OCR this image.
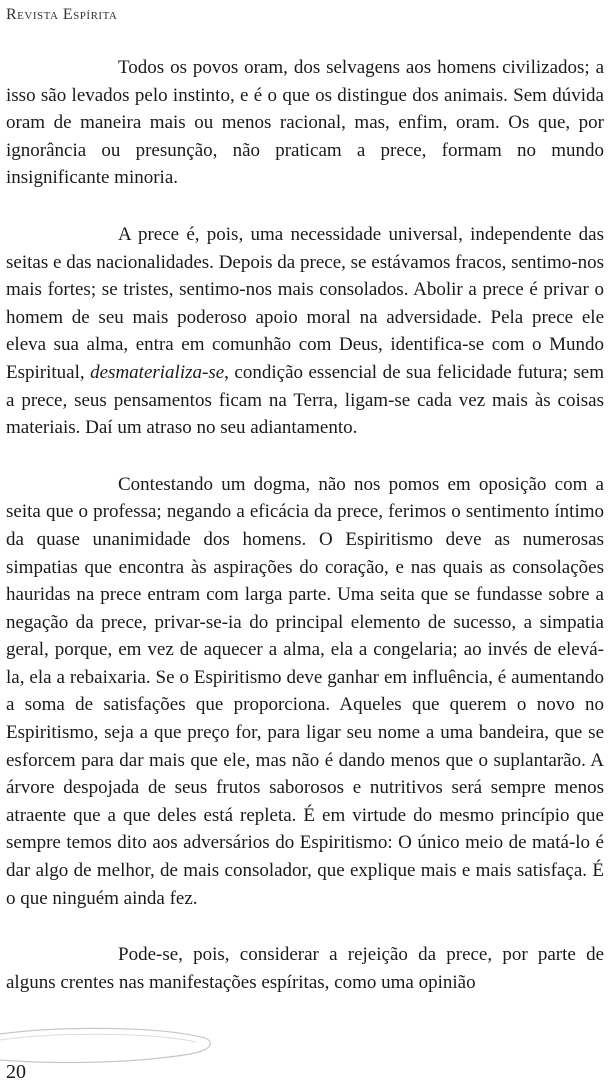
Revista Espírita

Todos os povos oram, dos selvagens aos homens civilizados; a isso são levados pelo instinto, e é o que os distingue dos animais. Sem dúvida oram de maneira mais ou menos racional, mas, enfim, oram. Os que, por ignorância ou presunção, não praticam a prece, formam no mundo insignificante minoria.

A prece é, pois, uma necessidade universal, independente das seitas e das nacionalidades. Depois da prece, se estávamos fracos, sentimo-nos mais fortes; se tristes, sentimo-nos mais consolados. Abolir a prece é privar o homem de seu mais poderoso apoio moral na adversidade. Pela prece ele eleva sua alma, entra em comunhão com Deus, identifica-se com o Mundo Espiritual, desmaterializa-se, condição essencial de sua felicidade futura; sem a prece, seus pensamentos ficam na Terra, ligam-se cada vez mais às coisas materiais. Daí um atraso no seu adiantamento.

Contestando um dogma, não nos pomos em oposição com a seita que o professa; negando a eficácia da prece, ferimos o sentimento íntimo da quase unanimidade dos homens. O Espiritismo deve as numerosas simpatias que encontra às aspirações do coração, e nas quais as consolações hauridas na prece entram com larga parte. Uma seita que se fundasse sobre a negação da prece, privar-se-ia do principal elemento de sucesso, a simpatia geral, porque, em vez de aquecer a alma, ela a congelaria; ao invés de elevá-la, ela a rebaixaria. Se o Espiritismo deve ganhar em influência, é aumentando a soma de satisfações que proporciona. Aqueles que querem o novo no Espiritismo, seja a que preço for, para ligar seu nome a uma bandeira, que se esforcem para dar mais que ele, mas não é dando menos que o suplantarão. A árvore despojada de seus frutos saborosos e nutritivos será sempre menos atraente que a que deles está repleta. É em virtude do mesmo princípio que sempre temos dito aos adversários do Espiritismo: O único meio de matá-lo é dar algo de melhor, de mais consolador, que explique mais e mais satisfaça. É o que ninguém ainda fez.

Pode-se, pois, considerar a rejeição da prece, por parte de alguns crentes nas manifestações espíritas, como uma opinião

20
